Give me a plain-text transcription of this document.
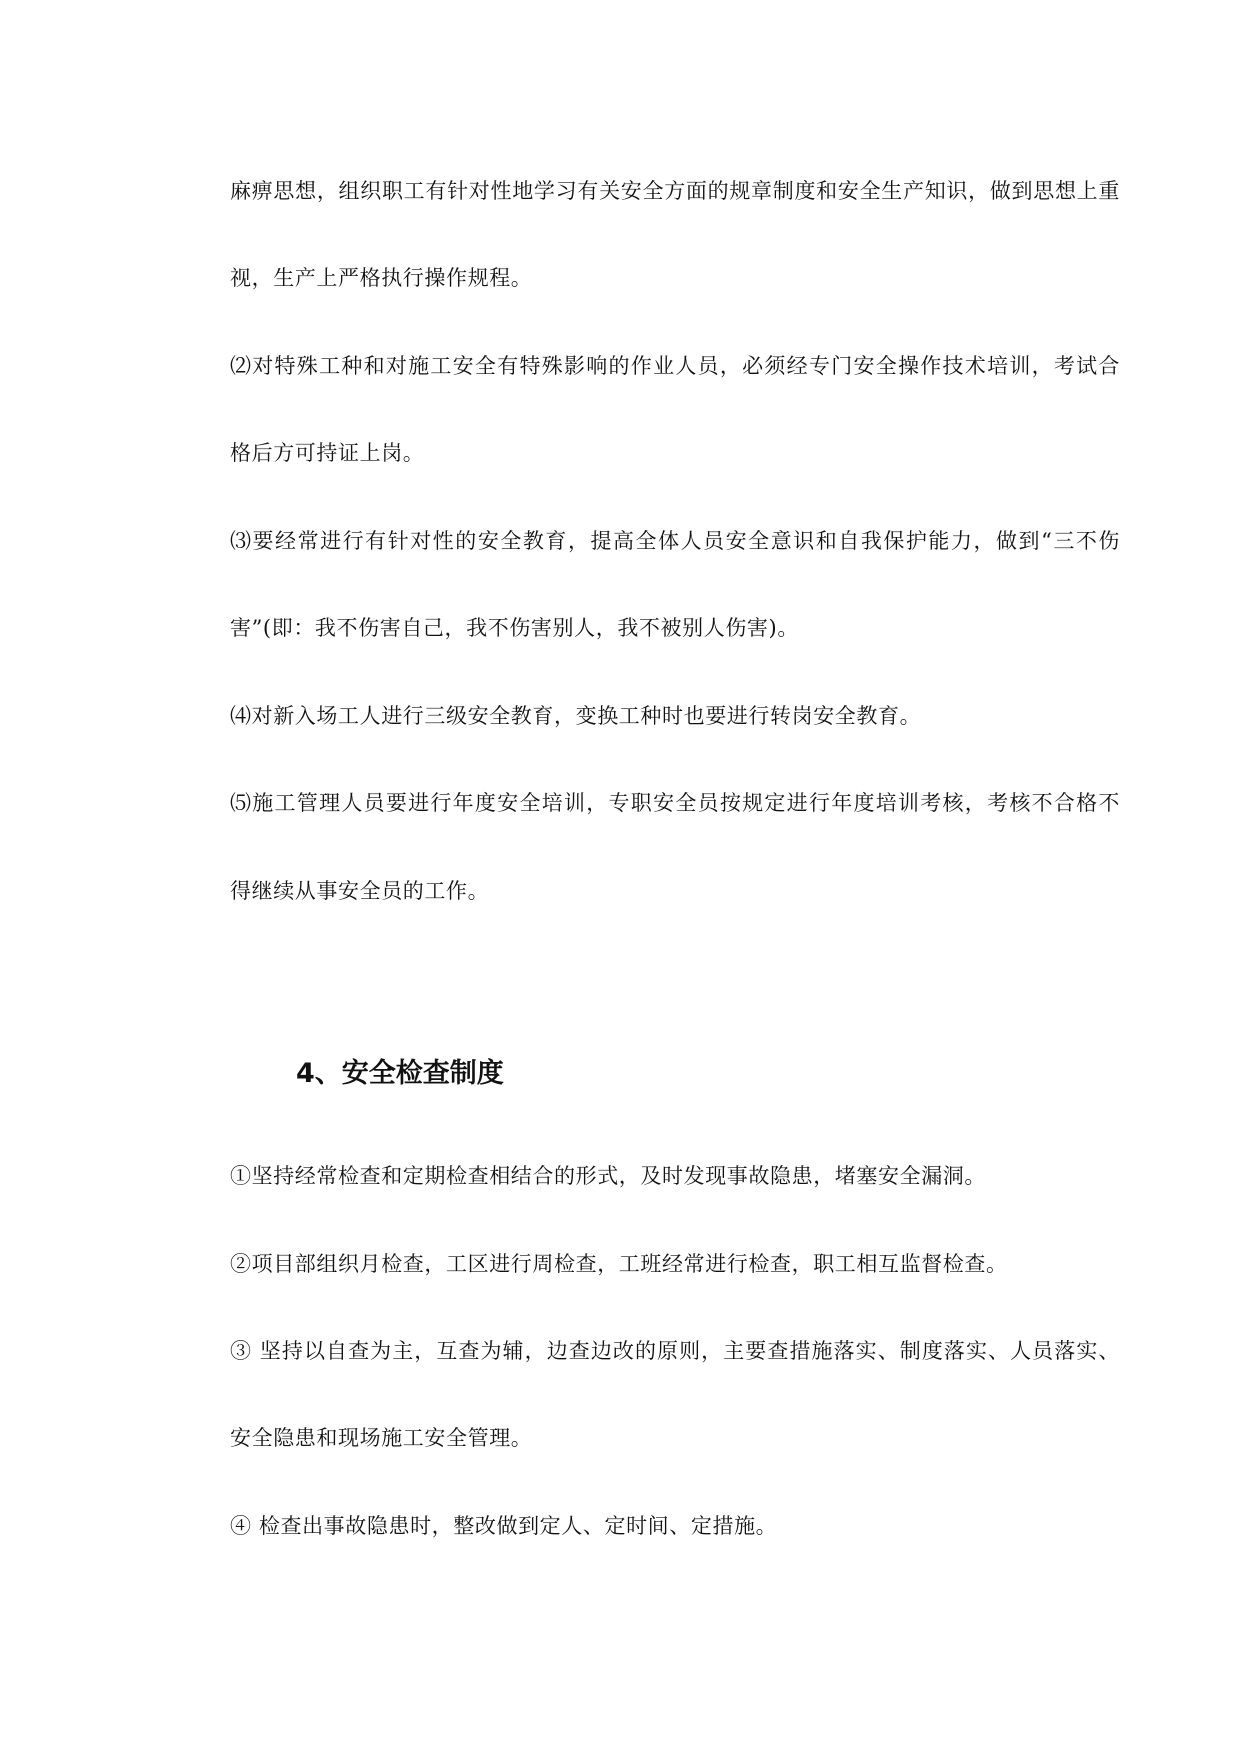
麻痹思想，组织职工有针对性地学习有关安全方面的规章制度和安全生产知识，做到思想上重
视，生产上严格执行操作规程。
⑵对特殊工种和对施工安全有特殊影响的作业人员，必须经专门安全操作技术培训，考试合
格后方可持证上岗。
⑶要经常进行有针对性的安全教育，提高全体人员安全意识和自我保护能力，做到“三不伤
害”(即：我不伤害自己，我不伤害别人，我不被别人伤害)。
⑷对新入场工人进行三级安全教育，变换工种时也要进行转岗安全教育。
⑸施工管理人员要进行年度安全培训，专职安全员按规定进行年度培训考核，考核不合格不
得继续从事安全员的工作。
4、安全检查制度
①坚持经常检查和定期检查相结合的形式，及时发现事故隐患，堵塞安全漏洞。
②项目部组织月检查，工区进行周检查，工班经常进行检查，职工相互监督检查。
③ 坚持以自查为主，互查为辅，边查边改的原则，主要查措施落实、制度落实、人员落实、
安全隐患和现场施工安全管理。
④ 检查出事故隐患时，整改做到定人、定时间、定措施。
